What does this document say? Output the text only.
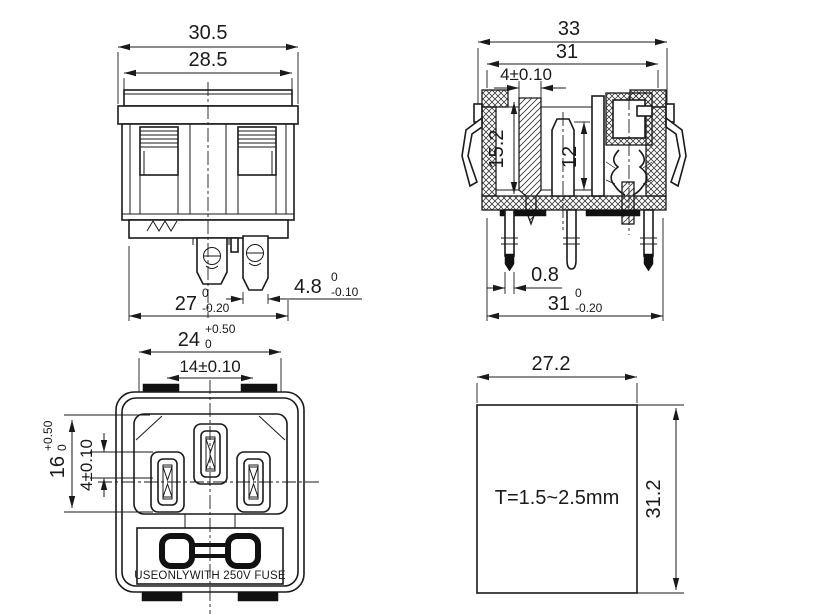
30.5
28.5
27 0
-0.20
4.8 0
-0.10
33
31
4±0.10
15.2	12
0.8
31 0
-0.20
24 +0.50
0
14±0.10
USEONLYWITH 250V FUSE
16
+0.50 0 4±0.10
T=1.5~2.5mm
27.2
31.2
